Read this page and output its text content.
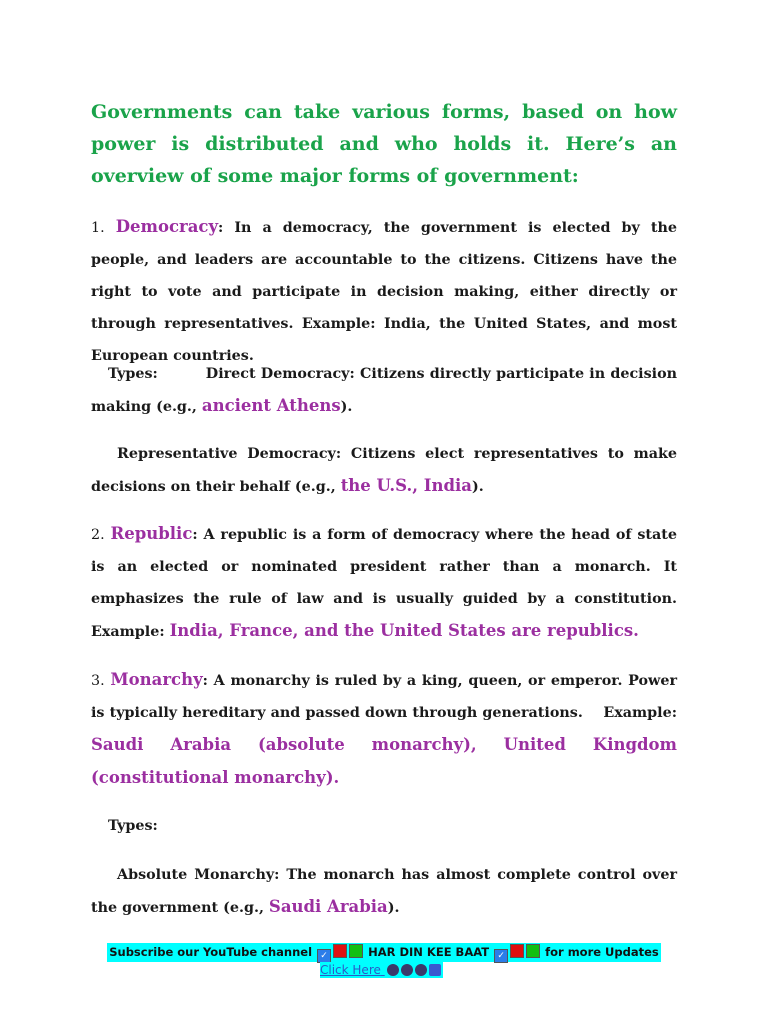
Governments can take various forms, based on how power is distributed and who holds it. Here’s an overview of some major forms of government:
1. Democracy: In a democracy, the government is elected by the people, and leaders are accountable to the citizens. Citizens have the right to vote and participate in decision making, either directly or through representatives. Example: India, the United States, and most European countries.
Types:	Direct Democracy: Citizens directly participate in decision making (e.g., ancient Athens).
Representative Democracy: Citizens elect representatives to make decisions on their behalf (e.g., the U.S., India).
2. Republic: A republic is a form of democracy where the head of state is an elected or nominated president rather than a monarch. It emphasizes the rule of law and is usually guided by a constitution.    Example: India, France, and the United States are republics.
3. Monarchy: A monarchy is ruled by a king, queen, or emperor. Power is typically hereditary and passed down through generations.    Example: Saudi Arabia (absolute monarchy), United Kingdom (constitutional monarchy).
Types:
Absolute Monarchy: The monarch has almost complete control over the government (e.g., Saudi Arabia).
Subscribe our YouTube channel ✓	HAR DIN KEE BAAT ✓	for more Updates
Click Here
